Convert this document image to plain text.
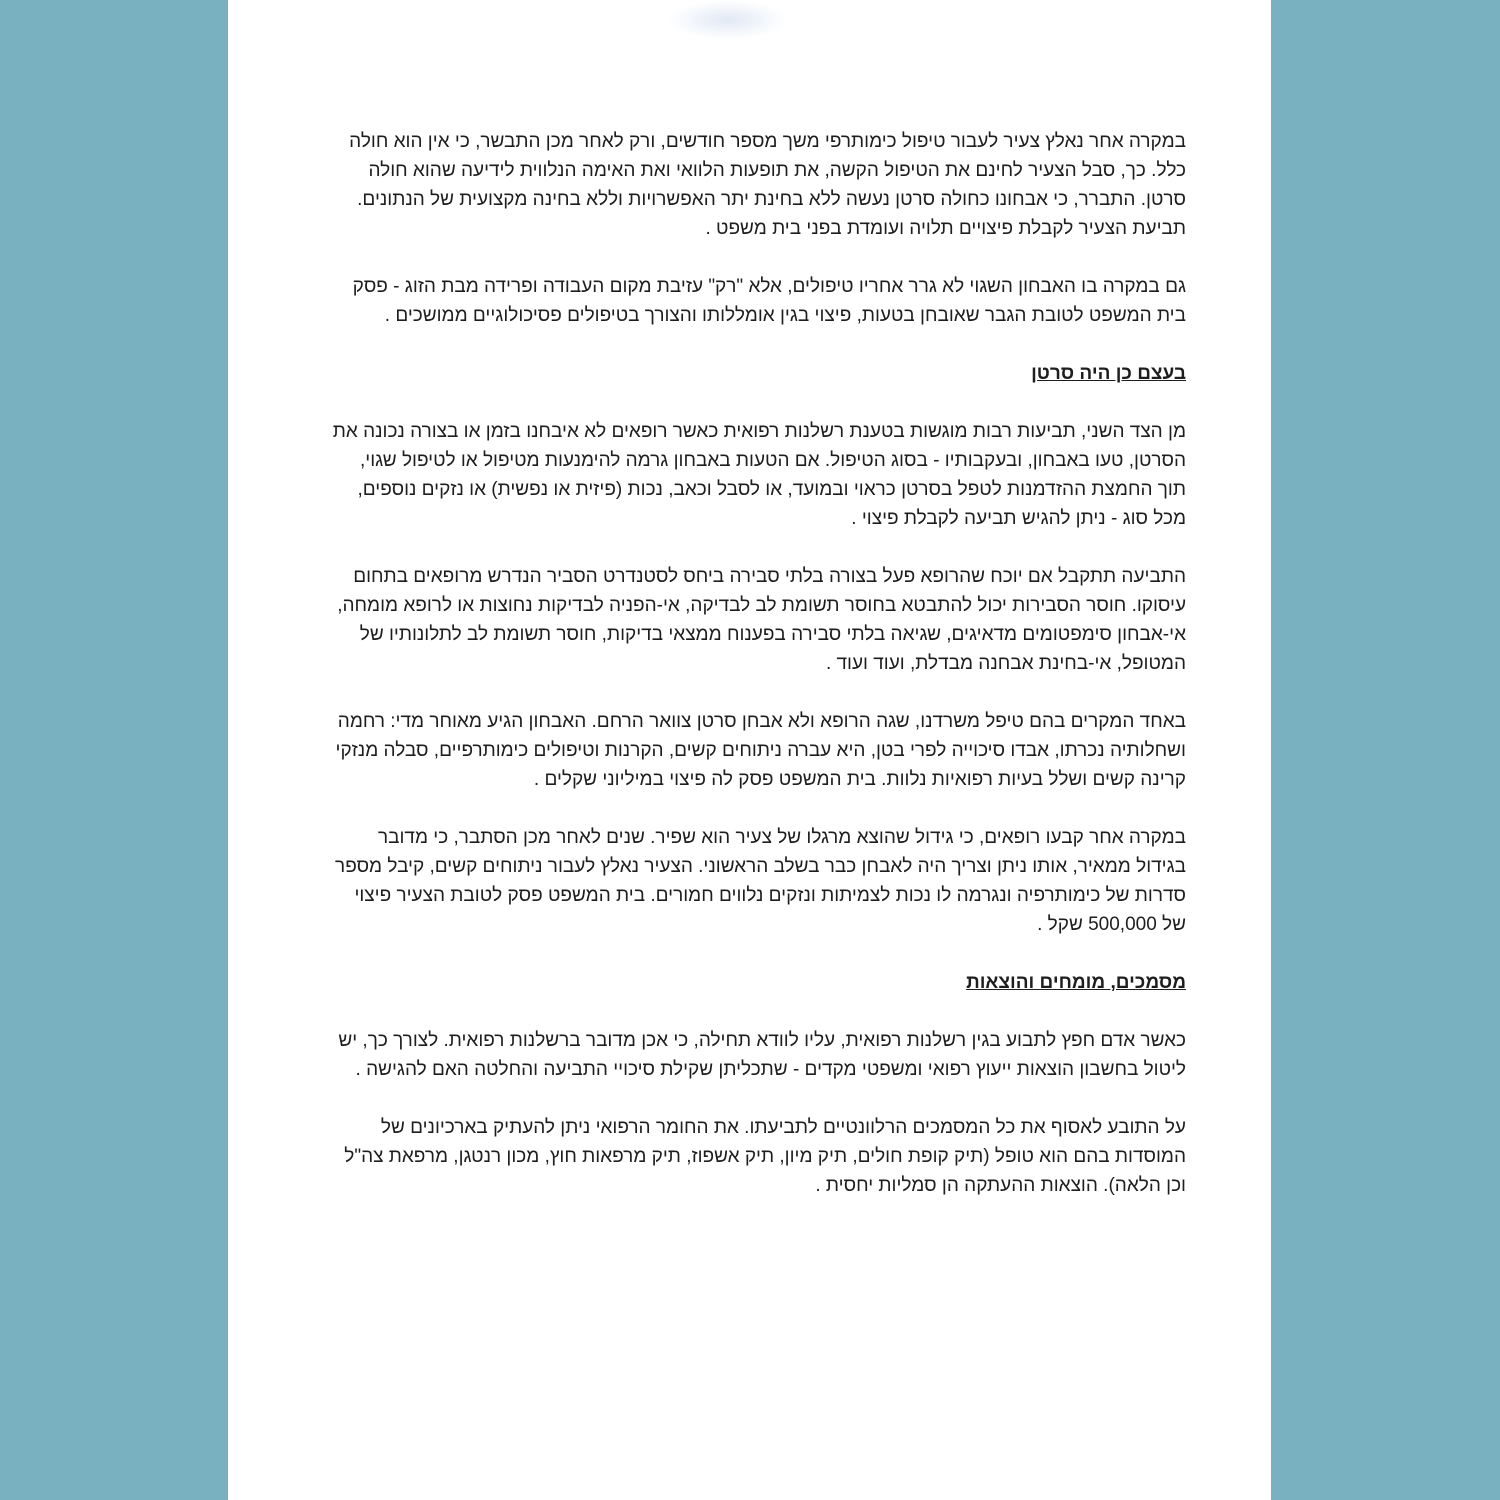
במקרה אחר נאלץ צעיר לעבור טיפול כימותרפי משך מספר חודשים, ורק לאחר מכן התבשר, כי אין הוא חולה כלל. כך, סבל הצעיר לחינם את הטיפול הקשה, את תופעות הלוואי ואת האימה הנלווית לידיעה שהוא חולה סרטן. התברר, כי אבחונו כחולה סרטן נעשה ללא בחינת יתר האפשרויות וללא בחינה מקצועית של הנתונים. תביעת הצעיר לקבלת פיצויים תלויה ועומדת בפני בית משפט .

גם במקרה בו האבחון השגוי לא גרר אחריו טיפולים, אלא "רק" עזיבת מקום העבודה ופרידה מבת הזוג - פסק בית המשפט לטובת הגבר שאובחן בטעות, פיצוי בגין אומללותו והצורך בטיפולים פסיכולוגיים ממושכים .

בעצם כן היה סרטן

מן הצד השני, תביעות רבות מוגשות בטענת רשלנות רפואית כאשר רופאים לא איבחנו בזמן או בצורה נכונה את הסרטן, טעו באבחון, ובעקבותיו - בסוג הטיפול. אם הטעות באבחון גרמה להימנעות מטיפול או לטיפול שגוי, תוך החמצת ההזדמנות לטפל בסרטן כראוי ובמועד, או לסבל וכאב, נכות (פיזית או נפשית) או נזקים נוספים, מכל סוג - ניתן להגיש תביעה לקבלת פיצוי .

התביעה תתקבל אם יוכח שהרופא פעל בצורה בלתי סבירה ביחס לסטנדרט הסביר הנדרש מרופאים בתחום עיסוקו. חוסר הסבירות יכול להתבטא בחוסר תשומת לב לבדיקה, אי-הפניה לבדיקות נחוצות או לרופא מומחה, אי-אבחון סימפטומים מדאיגים, שגיאה בלתי סבירה בפענוח ממצאי בדיקות, חוסר תשומת לב לתלונותיו של המטופל, אי-בחינת אבחנה מבדלת, ועוד ועוד .

באחד המקרים בהם טיפל משרדנו, שגה הרופא ולא אבחן סרטן צוואר הרחם. האבחון הגיע מאוחר מדי: רחמה ושחלותיה נכרתו, אבדו סיכוייה לפרי בטן, היא עברה ניתוחים קשים, הקרנות וטיפולים כימותרפיים, סבלה מנזקי קרינה קשים ושלל בעיות רפואיות נלוות. בית המשפט פסק לה פיצוי במיליוני שקלים .

במקרה אחר קבעו רופאים, כי גידול שהוצא מרגלו של צעיר הוא שפיר. שנים לאחר מכן הסתבר, כי מדובר בגידול ממאיר, אותו ניתן וצריך היה לאבחן כבר בשלב הראשוני. הצעיר נאלץ לעבור ניתוחים קשים, קיבל מספר סדרות של כימותרפיה ונגרמה לו נכות לצמיתות ונזקים נלווים חמורים. בית המשפט פסק לטובת הצעיר פיצוי של 500,000 שקל .

מסמכים, מומחים והוצאות

כאשר אדם חפץ לתבוע בגין רשלנות רפואית, עליו לוודא תחילה, כי אכן מדובר ברשלנות רפואית. לצורך כך, יש ליטול בחשבון הוצאות ייעוץ רפואי ומשפטי מקדים - שתכליתן שקילת סיכויי התביעה והחלטה האם להגישה .

על התובע לאסוף את כל המסמכים הרלוונטיים לתביעתו. את החומר הרפואי ניתן להעתיק בארכיונים של המוסדות בהם הוא טופל (תיק קופת חולים, תיק מיון, תיק אשפוז, תיק מרפאות חוץ, מכון רנטגן, מרפאת צה"ל וכן הלאה). הוצאות ההעתקה הן סמליות יחסית .
